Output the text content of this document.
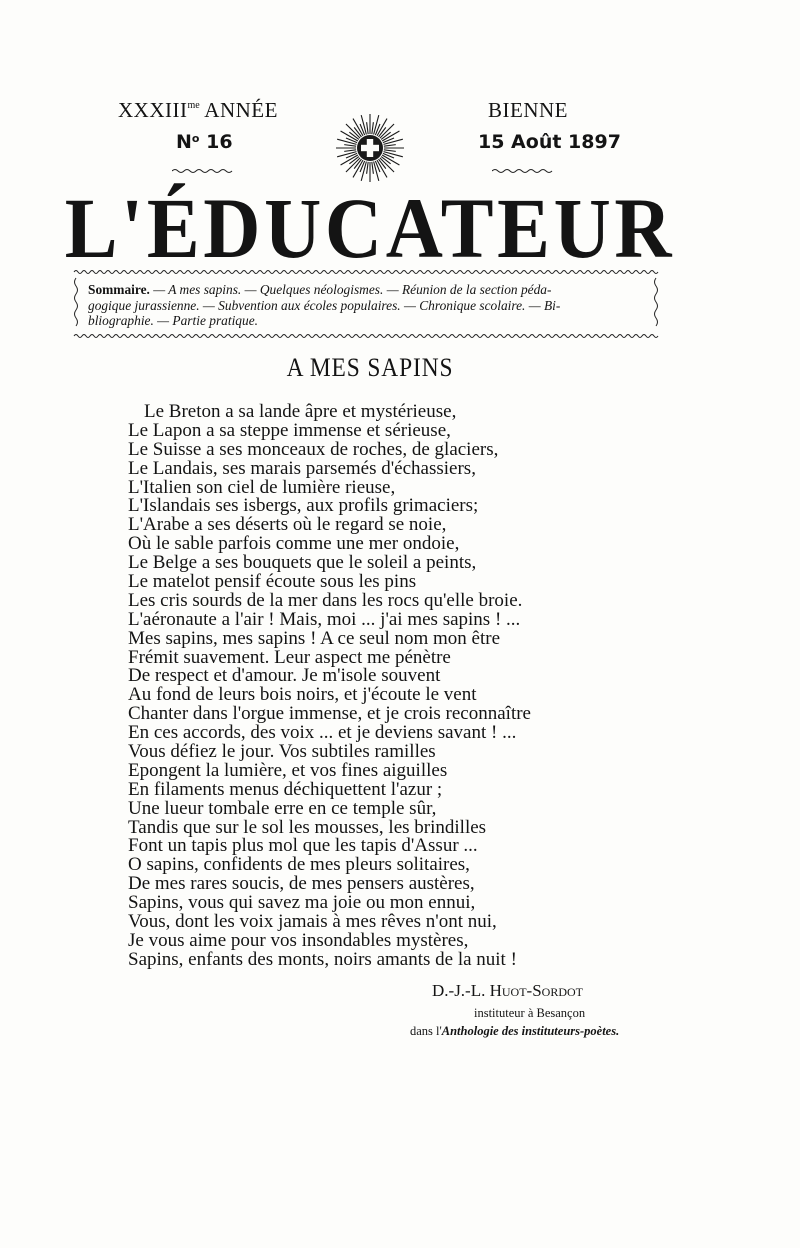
$XXXIII^{me}$ ANNÉE	BIENNE
$N^o$ 16	15 Août 1897
L'ÉDUCATEUR
Sommaire. — A mes sapins. — Quelques néologismes. — Réunion de la section péda-
gogique jurassienne. — Subvention aux écoles populaires. — Chronique scolaire. — Bi-
bliographie. — Partie pratique.
A MES SAPINS
Le Breton a sa lande âpre et mystérieuse,
Le Lapon a sa steppe immense et sérieuse,
Le Suisse a ses monceaux de roches, de glaciers,
Le Landais, ses marais parsemés d'échassiers,
L'Italien son ciel de lumière rieuse,
L'Islandais ses isbergs, aux profils grimaciers;
L'Arabe a ses déserts où le regard se noie,
Où le sable parfois comme une mer ondoie,
Le Belge a ses bouquets que le soleil a peints,
Le matelot pensif écoute sous les pins
Les cris sourds de la mer dans les rocs qu'elle broie.
L'aéronaute a l'air ! Mais, moi ... j'ai mes sapins ! ...
Mes sapins, mes sapins ! A ce seul nom mon être
Frémit suavement. Leur aspect me pénètre
De respect et d'amour. Je m'isole souvent
Au fond de leurs bois noirs, et j'écoute le vent
Chanter dans l'orgue immense, et je crois reconnaître
En ces accords, des voix ... et je deviens savant ! ...
Vous défiez le jour. Vos subtiles ramilles
Epongent la lumière, et vos fines aiguilles
En filaments menus déchiquettent l'azur ;
Une lueur tombale erre en ce temple sûr,
Tandis que sur le sol les mousses, les brindilles
Font un tapis plus mol que les tapis d'Assur ...
O sapins, confidents de mes pleurs solitaires,
De mes rares soucis, de mes pensers austères,
Sapins, vous qui savez ma joie ou mon ennui,
Vous, dont les voix jamais à mes rêves n'ont nui,
Je vous aime pour vos insondables mystères,
Sapins, enfants des monts, noirs amants de la nuit !
D.-J.-L. Huot-Sordot
instituteur à Besançon
dans l'Anthologie des instituteurs-poètes.
